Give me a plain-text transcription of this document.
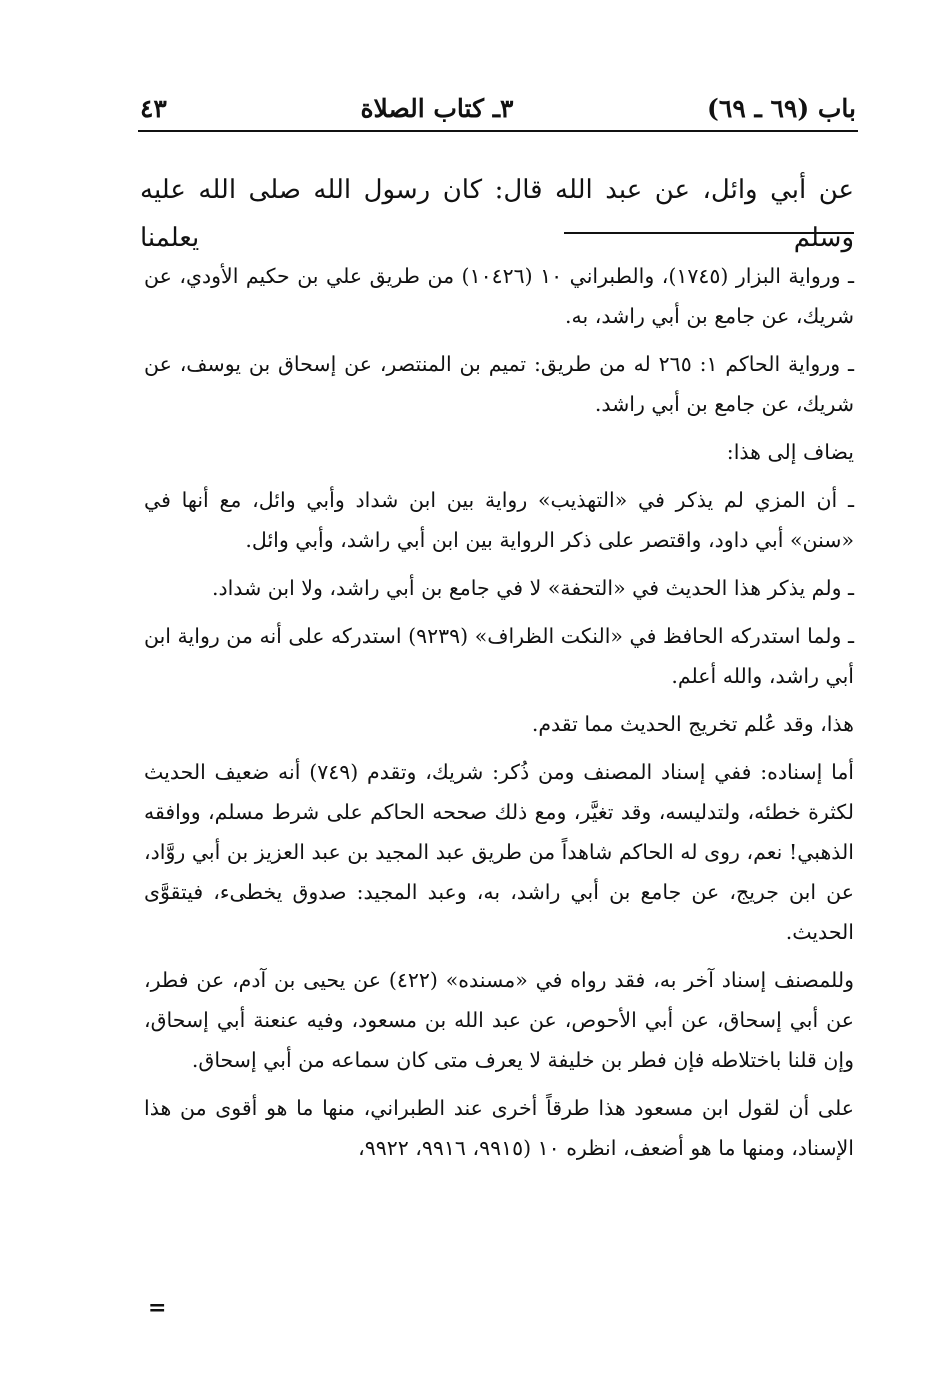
باب (٦٩ ـ ٦٩)
٣ـ كتاب الصلاة
٤٣
عن أبي وائل، عن عبد الله قال: كان رسول الله صلى الله عليه وسلم يعلمنا

ـ ورواية البزار (١٧٤٥)، والطبراني ١٠ (١٠٤٢٦) من طريق علي بن حكيم الأودي، عن شريك، عن جامع بن أبي راشد، به.

ـ ورواية الحاكم ١: ٢٦٥ له من طريق: تميم بن المنتصر، عن إسحاق بن يوسف، عن شريك، عن جامع بن أبي راشد.

يضاف إلى هذا:

ـ أن المزي لم يذكر في «التهذيب» رواية بين ابن شداد وأبي وائل، مع أنها في «سنن» أبي داود، واقتصر على ذكر الرواية بين ابن أبي راشد، وأبي وائل.

ـ ولم يذكر هذا الحديث في «التحفة» لا في جامع بن أبي راشد، ولا ابن شداد.

ـ ولما استدركه الحافظ في «النكت الظراف» (٩٢٣٩) استدركه على أنه من رواية ابن أبي راشد، والله أعلم.

هذا، وقد عُلم تخريج الحديث مما تقدم.

أما إسناده: ففي إسناد المصنف ومن ذُكر: شريك، وتقدم (٧٤٩) أنه ضعيف الحديث لكثرة خطئه، ولتدليسه، وقد تغيَّر، ومع ذلك صححه الحاكم على شرط مسلم، ووافقه الذهبي! نعم، روى له الحاكم شاهداً من طريق عبد المجيد بن عبد العزيز بن أبي روَّاد، عن ابن جريج، عن جامع بن أبي راشد، به، وعبد المجيد: صدوق يخطىء، فيتقوَّى الحديث.

وللمصنف إسناد آخر به، فقد رواه في «مسنده» (٤٢٢) عن يحيى بن آدم، عن فطر، عن أبي إسحاق، عن أبي الأحوص، عن عبد الله بن مسعود، وفيه عنعنة أبي إسحاق، وإن قلنا باختلاطه فإن فطر بن خليفة لا يعرف متى كان سماعه من أبي إسحاق.

على أن لقول ابن مسعود هذا طرقاً أخرى عند الطبراني، منها ما هو أقوى من هذا الإسناد، ومنها ما هو أضعف، انظره ١٠ (٩٩١٥، ٩٩١٦، ٩٩٢٢،

=
